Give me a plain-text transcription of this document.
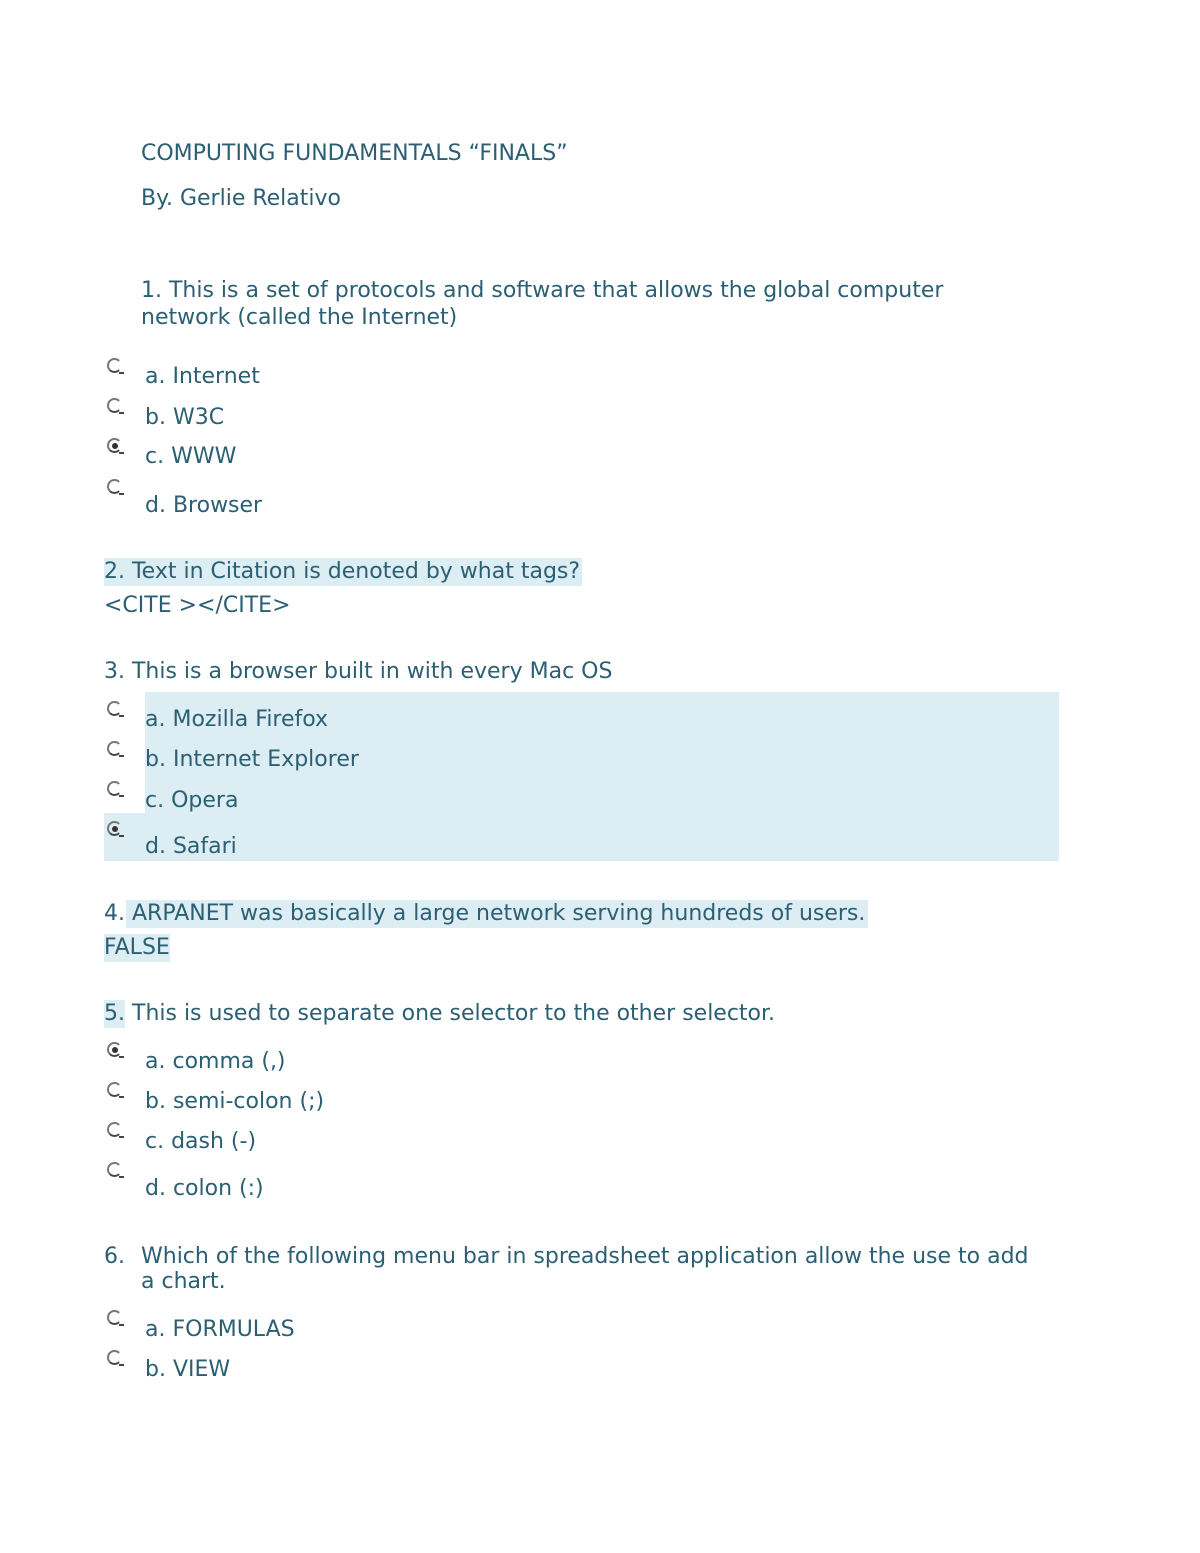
COMPUTING FUNDAMENTALS “FINALS”
By. Gerlie Relativo
1. This is a set of protocols and software that allows the global computer
network (called the Internet)
a. Internet
b. W3C
c. WWW
d. Browser
2. Text in Citation is denoted by what tags?
<CITE ></CITE>
3. This is a browser built in with every Mac OS
a. Mozilla Firefox
b. Internet Explorer
c. Opera
d. Safari
4. ARPANET was basically a large network serving hundreds of users.
FALSE
5. This is used to separate one selector to the other selector.
a. comma (,)
b. semi-colon (;)
c. dash (-)
d. colon (:)
6. Which of the following menu bar in spreadsheet application allow the use to add
a chart.
a. FORMULAS
b. VIEW
